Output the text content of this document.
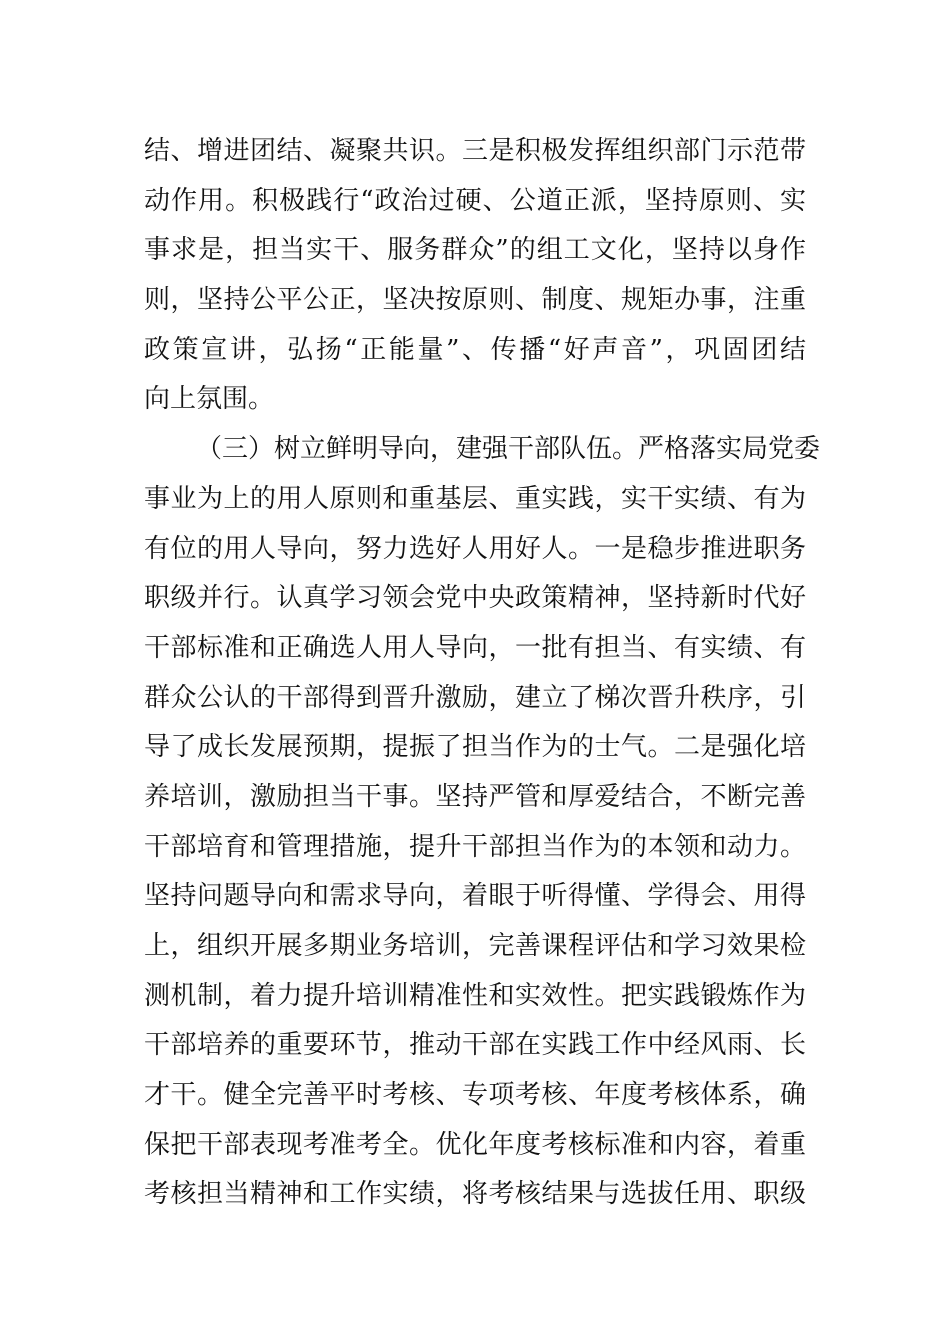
结、增进团结、凝聚共识。三是积极发挥组织部门示范带
动作用。积极践行“政治过硬、公道正派，坚持原则、实
事求是，担当实干、服务群众”的组工文化，坚持以身作
则，坚持公平公正，坚决按原则、制度、规矩办事，注重
政策宣讲，弘扬“正能量”、传播“好声音”，巩固团结
向上氛围。
（三）树立鲜明导向，建强干部队伍。严格落实局党委
事业为上的用人原则和重基层、重实践，实干实绩、有为
有位的用人导向，努力选好人用好人。一是稳步推进职务
职级并行。认真学习领会党中央政策精神，坚持新时代好
干部标准和正确选人用人导向，一批有担当、有实绩、有
群众公认的干部得到晋升激励，建立了梯次晋升秩序，引
导了成长发展预期，提振了担当作为的士气。二是强化培
养培训，激励担当干事。坚持严管和厚爱结合，不断完善
干部培育和管理措施，提升干部担当作为的本领和动力。
坚持问题导向和需求导向，着眼于听得懂、学得会、用得
上，组织开展多期业务培训，完善课程评估和学习效果检
测机制，着力提升培训精准性和实效性。把实践锻炼作为
干部培养的重要环节，推动干部在实践工作中经风雨、长
才干。健全完善平时考核、专项考核、年度考核体系，确
保把干部表现考准考全。优化年度考核标准和内容，着重
考核担当精神和工作实绩，将考核结果与选拔任用、职级
